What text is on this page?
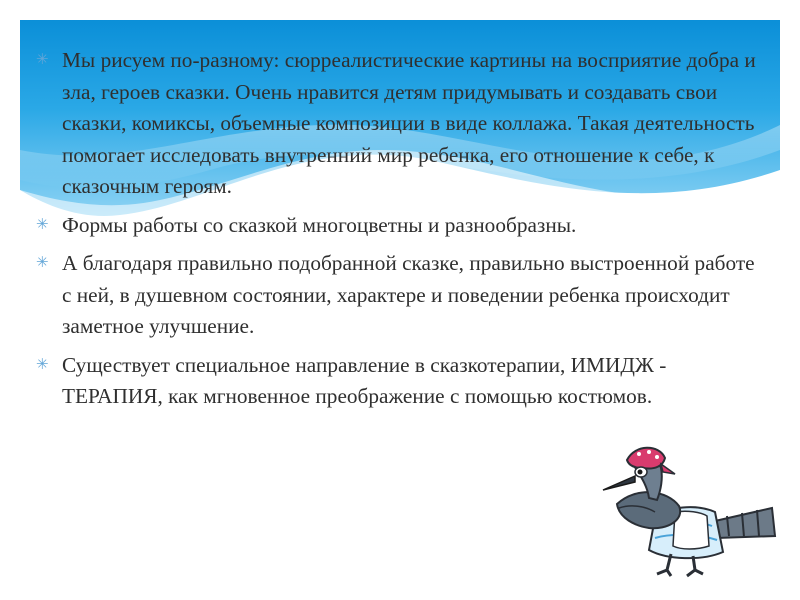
✳ Мы рисуем по-разному: сюрреалистические картины на восприятие добра и зла, героев сказки. Очень нравится детям придумывать и создавать свои сказки, комиксы, объемные композиции в виде коллажа. Такая деятельность помогает исследовать внутренний мир ребенка, его отношение к себе, к сказочным героям.
✳ Формы работы со сказкой многоцветны и разнообразны.
✳ А благодаря правильно подобранной сказке, правильно выстроенной работе с ней, в душевном состоянии, характере и поведении ребенка происходит заметное улучшение.
✳ Существует специальное направление в сказкотерапии, ИМИДЖ - ТЕРАПИЯ, как мгновенное преображение с помощью костюмов.
